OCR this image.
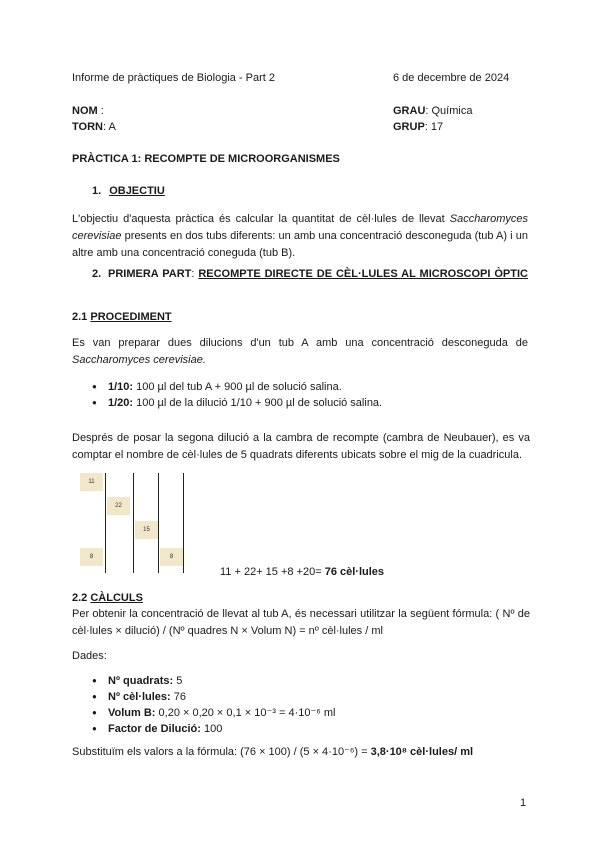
Informe de pràctiques de Biologia - Part 2	6 de decembre de 2024
NOM :
TORN: A
GRAU: Química
GRUP: 17
PRÀCTICA 1: RECOMPTE DE MICROORGANISMES
1. OBJECTIU
L'objectiu d'aquesta pràctica és calcular la quantitat de cèl·lules de llevat Saccharomyces cerevisiae presents en dos tubs diferents: un amb una concentració desconeguda (tub A) i un altre amb una concentració coneguda (tub B).
2. PRIMERA PART: RECOMPTE DIRECTE DE CÈL·LULES AL MICROSCOPI ÒPTIC
2.1 PROCEDIMENT
Es van preparar dues dilucions d'un tub A amb una concentració desconeguda de Saccharomyces cerevisiae.
● 1/10: 100 µl del tub A + 900 µl de solució salina.
● 1/20: 100 µl de la dilució 1/10 + 900 µl de solució salina.
Després de posar la segona dilució a la cambra de recompte (cambra de Neubauer), es va comptar el nombre de cèl·lules de 5 quadrats diferents ubicats sobre el mig de la cuadricula.
11
22
15
8	8
11 + 22+ 15 +8 +20= 76 cèl·lules
2.2 CÀLCULS
Per obtenir la concentració de llevat al tub A, és necessari utilitzar la següent fórmula: ( Nº de cèl·lules × dilució) / (Nº quadres N × Volum N) = nº cèl·lules / ml
Dades:
● Nº quadrats: 5
● Nº cèl·lules: 76
● Volum B: 0,20 × 0,20 × 0,1 × 10⁻³ = 4·10⁻⁶ ml
● Factor de Dilució: 100
Substituïm els valors a la fórmula: (76 × 100) / (5 × 4·10⁻⁶) = 3,8·10⁸ cèl·lules/ ml
1
